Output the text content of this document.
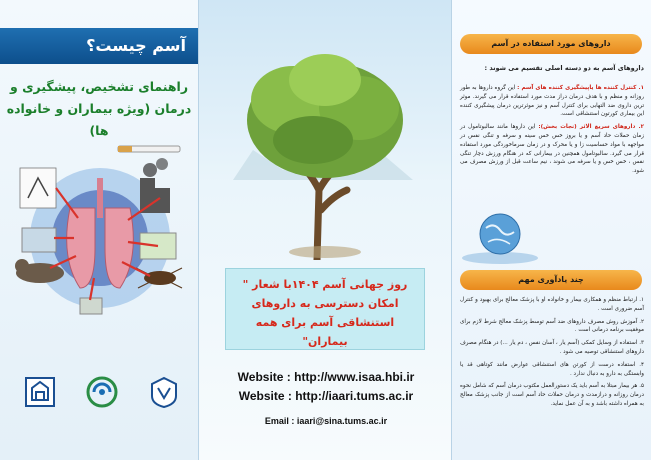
آسم چیست؟
راهنمای تشخیص، پیشگیری و درمان (ویژه بیماران و خانواده ها)
روز جهانی آسم ۱۴۰۴با شعار " امکان دسترسی به داروهای استنشاقی آسم برای همه بیماران"
Website : http://www.isaa.hbi.ir
Website : http://iaari.tums.ac.ir
Email : iaari@sina.tums.ac.ir
داروهای مورد استفاده در آسم
داروهای آسم به دو دسته اصلی تقسیم می شوند :

۱. کنترل کننده ها یاپیشگیری کننده های آسم : این گروه داروها به طور روزانه و منظم و با هدف درمان دراز مدت مورد استفاده قرار می گیرند. موثر ترین داروی ضد التهابی برای کنترل آسم و نیز موثرترین درمان پیشگیری کننده این بیماری کورتون استنشاقی است.

۲. داروهای سریع الاثر (نجات بخش): این داروها مانند سالبوتامول در زمان حملات حاد آسم و یا بروز خس خس سینه و سرفه و تنگی نفس در مواجهه با مواد حساسیت زا و یا محرک و در زمان سرماخوردگی مورد استفاده قرار می گیرد. سالبوتامول همچنین در بیمارانی که در هنگام ورزش دچار تنگی نفس ، خس خس و یا سرفه می شوند ، نیم ساعت قبل از ورزش مصرف می شود.

چند یادآوری مهم

۱. ارتباط منظم و همکاری بیمار و خانواده او با پزشک معالج برای بهبود و کنترل آسم ضروری است .

۲. آموزش روش مصرف داروهای ضد آسم توسط پزشک معالج شرط لازم برای موفقیت برنامه درمانی است .

۳. استفاده از وسایل کمکی (آسم یار ، آسان نفس ، دم یار ...) در هنگام مصرف داروهای استنشاقی توصیه می شود .

۴. استفاده درست از کورتن های استنشاقی عوارض مانند کوتاهی قد یا وابستگی به دارو به دنبال ندارد .

۵. هر بیمار مبتلا به آسم باید یک دستورالعمل مکتوب درمان آسم که شامل نحوه درمان روزانه و درازمدت و درمان حملات حاد آسم است از جانب پزشک معالج به همراه داشته باشد و به آن عمل نماید.
